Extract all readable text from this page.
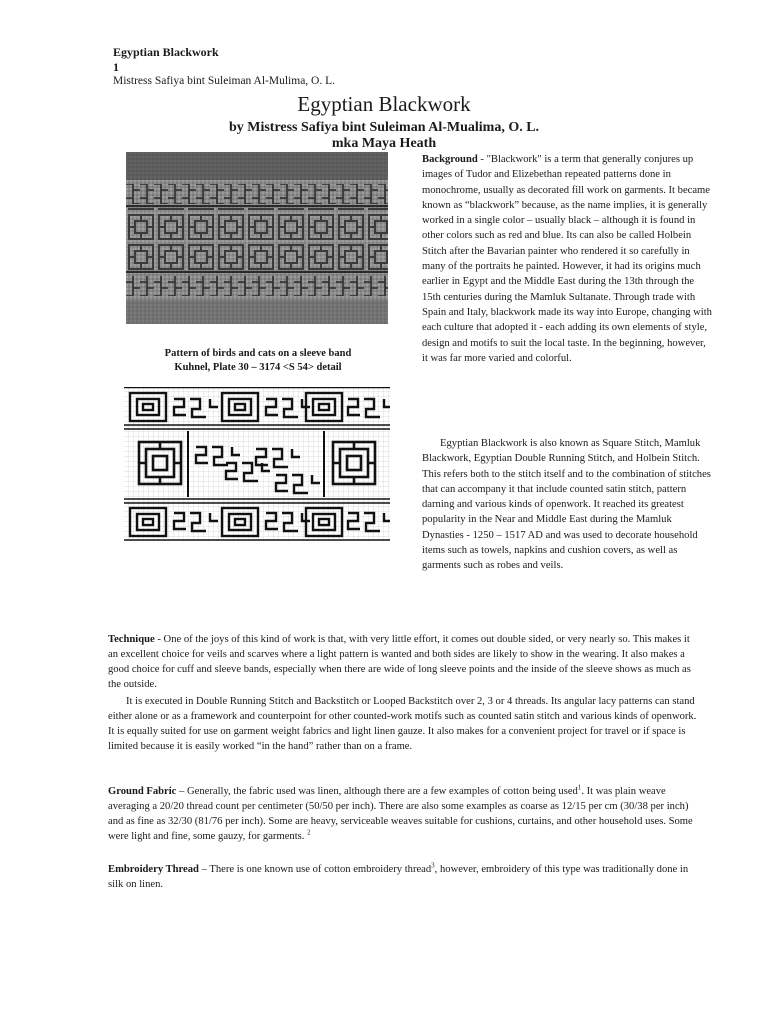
Egyptian Blackwork
1
Mistress Safiya bint Suleiman Al-Mulima, O. L.
Egyptian Blackwork
by Mistress Safiya bint Suleiman Al-Mualima, O. L.
mka Maya Heath
Pattern of birds and cats on a sleeve band
Kuhnel, Plate 30 – 3174 <S 54> detail
Background - "Blackwork" is a term that generally conjures up images of Tudor and Elizebethan repeated patterns done in monochrome, usually as decorated fill work on garments. It became known as “blackwork” because, as the name implies, it is generally worked in a single color – usually black – although it is found in other colors such as red and blue. Its can also be called Holbein Stitch after the Bavarian painter who rendered it so carefully in many of the portraits he painted. However, it had its origins much earlier in Egypt and the Middle East during the 13th through the 15th centuries during the Mamluk Sultanate. Through trade with Spain and Italy, blackwork made its way into Europe, changing with each culture that adopted it - each adding its own elements of style, design and motifs to suit the local taste. In the beginning, however, it was far more varied and colorful.
Egyptian Blackwork is also known as Square Stitch, Mamluk Blackwork, Egyptian Double Running Stitch, and Holbein Stitch. This refers both to the stitch itself and to the combination of stitches that can accompany it that include counted satin stitch, pattern darning and various kinds of openwork. It reached its greatest popularity in the Near and Middle East during the Mamluk Dynasties - 1250 – 1517 AD and was used to decorate household items such as towels, napkins and cushion covers, as well as garments such as robes and veils.
Technique - One of the joys of this kind of work is that, with very little effort, it comes out double sided, or very nearly so. This makes it an excellent choice for veils and scarves where a light pattern is wanted and both sides are likely to show in the wearing. It also makes a good choice for cuff and sleeve bands, especially when there are wide of long sleeve points and the inside of the sleeve shows as much as the outside.
It is executed in Double Running Stitch and Backstitch or Looped Backstitch over 2, 3 or 4 threads. Its angular lacy patterns can stand either alone or as a framework and counterpoint for other counted-work motifs such as counted satin stitch and various kinds of openwork. It is equally suited for use on garment weight fabrics and light linen gauze. It also makes for a convenient project for travel or if space is limited because it is easily worked “in the hand” rather than on a frame.
Ground Fabric – Generally, the fabric used was linen, although there are a few examples of cotton being used$^1$. It was plain weave averaging a 20/20 thread count per centimeter (50/50 per inch). There are also some examples as coarse as 12/15 per cm (30/38 per inch) and as fine as 32/30 (81/76 per inch). Some are heavy, serviceable weaves suitable for cushions, curtains, and other household uses. Some were light and fine, some gauzy, for garments. $^2$
Embroidery Thread – There is one known use of cotton embroidery thread$^3$, however, embroidery of this type was traditionally done in silk on linen.
